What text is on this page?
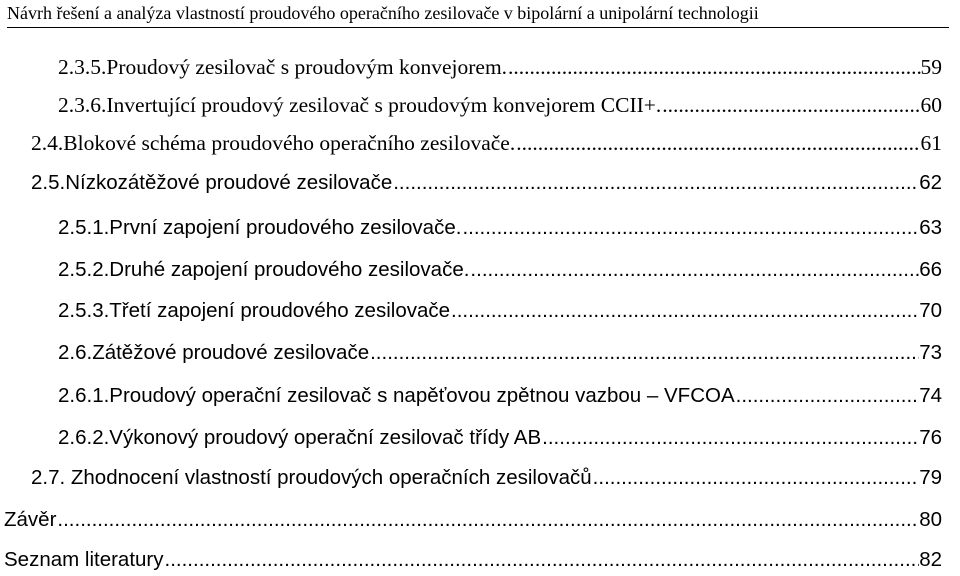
Návrh řešení a analýza vlastností proudového operačního zesilovače v bipolární a unipolární technologii
2.3.5.Proudový zesilovač s proudovým konvejorem. .....	59
2.3.6.Invertující proudový zesilovač s proudovým konvejorem CCII+. .....	60
2.4.Blokové schéma proudového operačního zesilovače. .....	61
2.5.Nízkozátěžové proudové zesilovače .....	62
2.5.1.První zapojení proudového zesilovače. .....	63
2.5.2.Druhé zapojení proudového zesilovače. .....	66
2.5.3.Třetí zapojení proudového zesilovače .....	70
2.6.Zátěžové proudové zesilovače .....	73
2.6.1.Proudový operační zesilovač s napěťovou zpětnou vazbou – VFCOA .....	74
2.6.2.Výkonový proudový operační zesilovač třídy AB .....	76
2.7. Zhodnocení vlastností proudových operačních zesilovačů .....	79
Závěr .....	80
Seznam literatury .....	82
